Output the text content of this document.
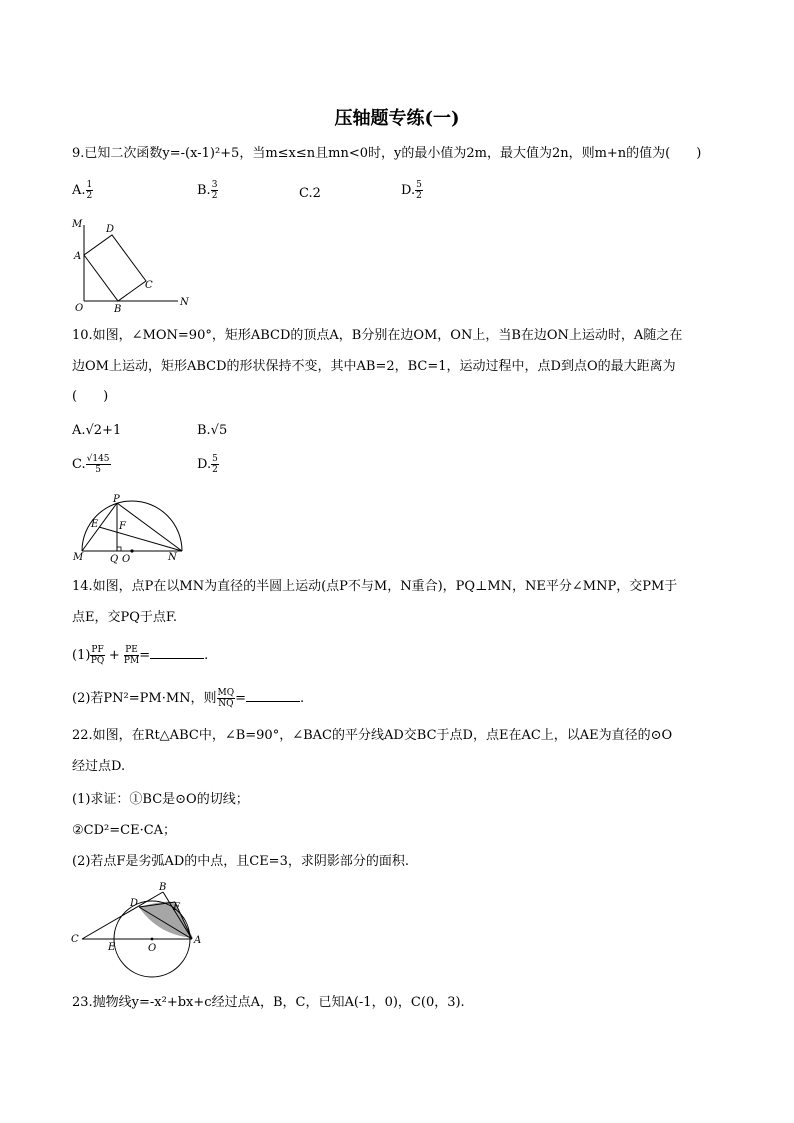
压轴题专练(一)
9.已知二次函数y=-(x-1)²+5，当m≤x≤n且mn<0时，y的最小值为2m，最大值为2n，则m+n的值为(　　)
A. $\frac{1}{2}$	B. $\frac{3}{2}$	C.2	D. $\frac{5}{2}$
M D
A
C
O	B
N
10.如图，∠MON=90°，矩形ABCD的顶点A，B分别在边OM，ON上，当B在边ON上运动时，A随之在
边OM上运动，矩形ABCD的形状保持不变，其中AB=2，BC=1，运动过程中，点D到点O的最大距离为
(　　)
A.√2+1	B.√5
C. $\frac{√145}{5}$	D. $\frac{5}{2}$
P
E F
M	Q O	N
14.如图，点P在以MN为直径的半圆上运动(点P不与M，N重合)，PQ⊥MN，NE平分∠MNP，交PM于
点E，交PQ于点F.
$(1) \frac{PF}{PQ} + \frac{PE}{PM}$ =	.
(2)若PN²=PM·MN，则 $\frac{MQ}{NQ}$ =	.
22.如图，在Rt△ABC中，∠B=90°，∠BAC的平分线AD交BC于点D，点E在AC上，以AE为直径的⊙O
经过点D.
(1)求证：①BC是⊙O的切线；
②CD²=CE·CA；
(2)若点F是劣弧AD的中点，且CE=3，求阴影部分的面积.
B
D	F
C
E	O
A
23.抛物线y=-x²+bx+c经过点A，B，C，已知A(-1，0)，C(0，3).
